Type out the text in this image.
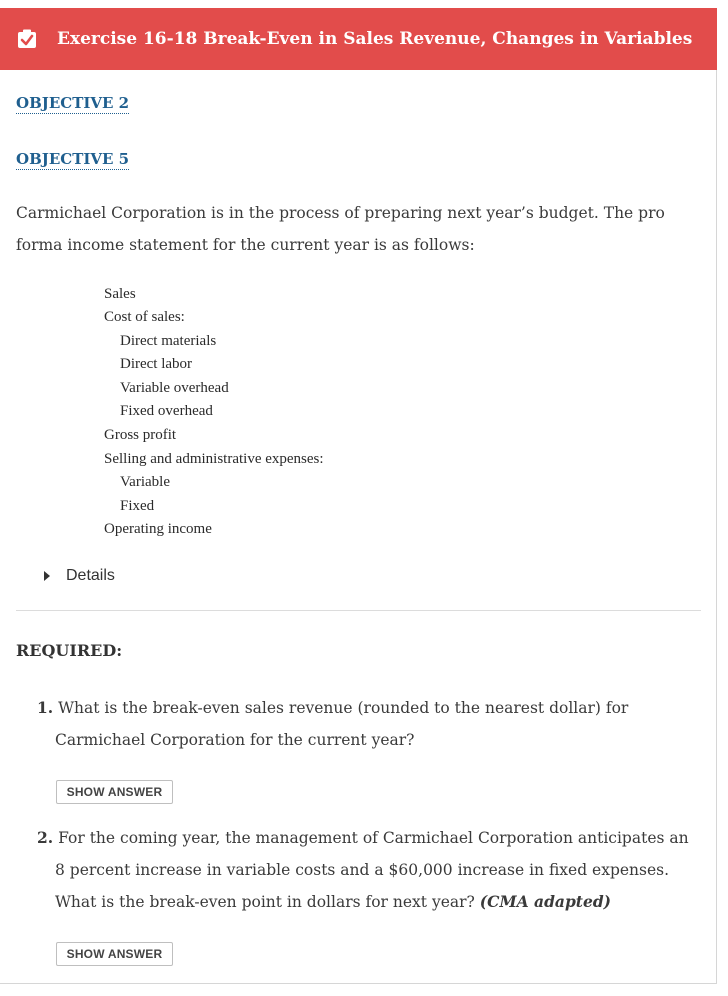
Exercise 16-18 Break-Even in Sales Revenue, Changes in Variables
OBJECTIVE 2
OBJECTIVE 5
Carmichael Corporation is in the process of preparing next year’s budget. The pro forma income statement for the current year is as follows:
Sales
Cost of sales:
Direct materials
Direct labor
Variable overhead
Fixed overhead
Gross profit
Selling and administrative expenses:
Variable
Fixed
Operating income
Details
REQUIRED:
1. What is the break-even sales revenue (rounded to the nearest dollar) for Carmichael Corporation for the current year?
SHOW ANSWER
2. For the coming year, the management of Carmichael Corporation anticipates an 8 percent increase in variable costs and a $60,000 increase in fixed expenses. What is the break-even point in dollars for next year? (CMA adapted)
SHOW ANSWER
